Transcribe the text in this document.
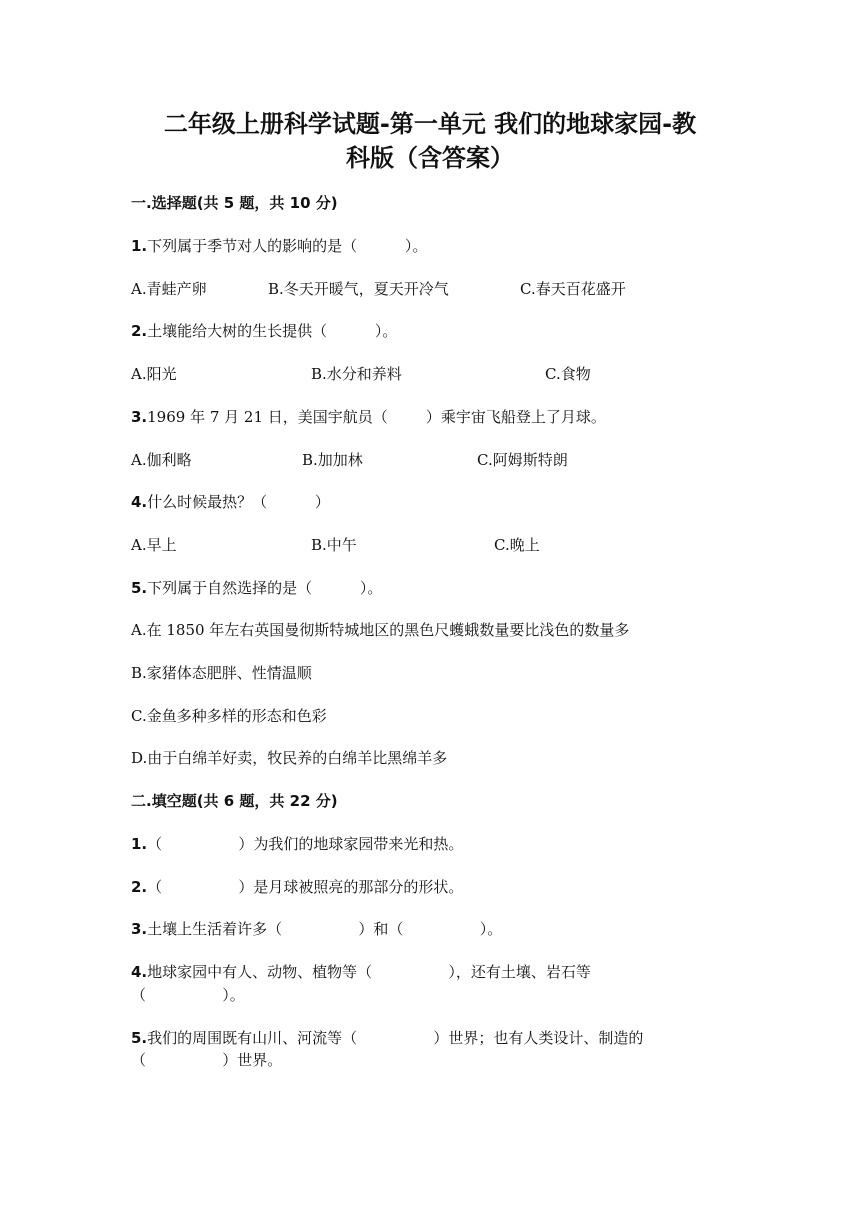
二年级上册科学试题-第一单元 我们的地球家园-教
科版（含答案）
一.选择题(共 5 题，共 10 分)
1.下列属于季节对人的影响的是（          ）。
A.青蛙产卵	B.冬天开暖气，夏天开冷气	C.春天百花盛开
2.土壤能给大树的生长提供（          ）。
A.阳光	B.水分和养料	C.食物
3.1969 年 7 月 21 日，美国宇航员（        ）乘宇宙飞船登上了月球。
A.伽利略	B.加加林	C.阿姆斯特朗
4.什么时候最热？（          ）
A.早上	B.中午	C.晚上
5.下列属于自然选择的是（          ）。
A.在 1850 年左右英国曼彻斯特城地区的黑色尺蠖蛾数量要比浅色的数量多
B.家猪体态肥胖、性情温顺
C.金鱼多种多样的形态和色彩
D.由于白绵羊好卖，牧民养的白绵羊比黑绵羊多
二.填空题(共 6 题，共 22 分)
1.（                ）为我们的地球家园带来光和热。
2.（                ）是月球被照亮的那部分的形状。
3.土壤上生活着许多（                ）和（                ）。
4.地球家园中有人、动物、植物等（                ），还有土壤、岩石等
（                ）。
5.我们的周围既有山川、河流等（                ）世界；也有人类设计、制造的
（                ）世界。
